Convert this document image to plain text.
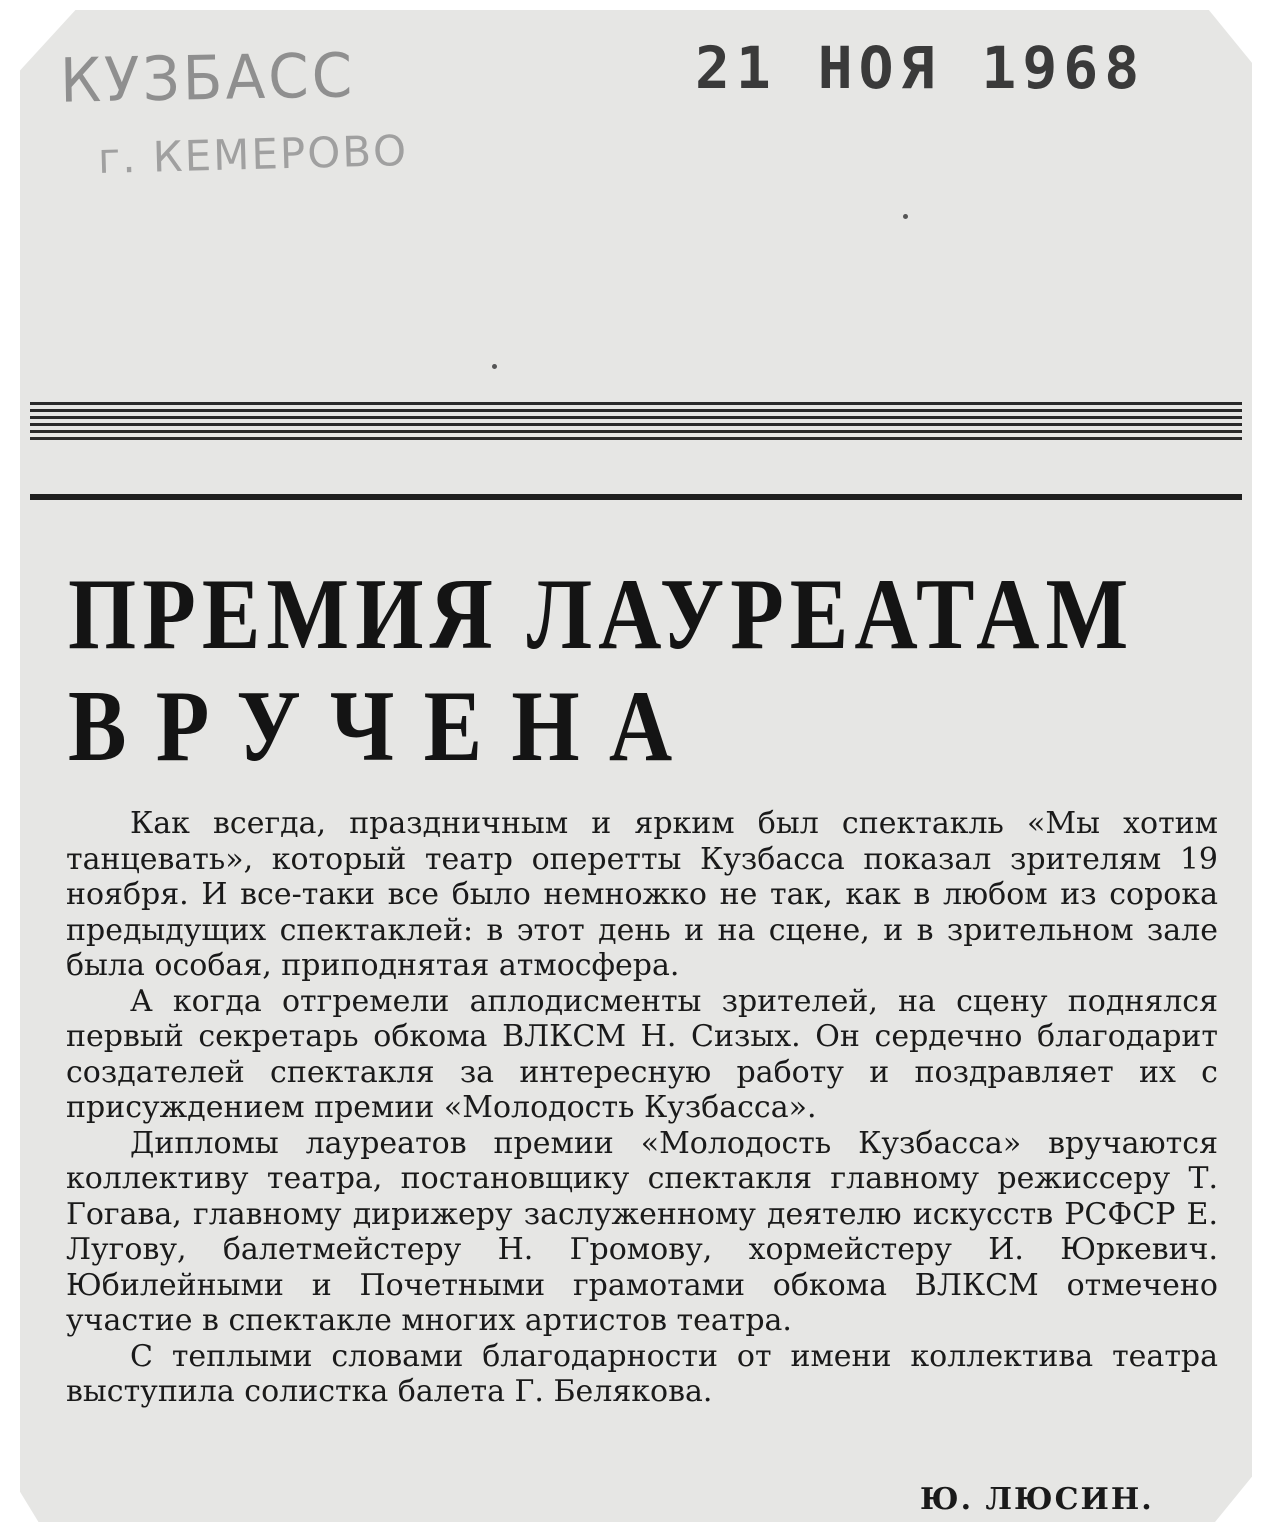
КУЗБАСС
г. КЕМЕРОВО
21 НОЯ 1968
ПРЕМИЯ ЛАУРЕАТАМ
ВРУЧЕНА

Как всегда, праздничным и ярким был спектакль «Мы хотим танцевать», который театр оперетты Кузбасса показал зрителям 19 ноября. И все-таки все было немножко не так, как в любом из сорока предыдущих спектаклей: в этот день и на сцене, и в зрительном зале была особая, приподнятая атмосфера.

А когда отгремели аплодисменты зрителей, на сцену поднялся первый секретарь обкома ВЛКСМ Н. Сизых. Он сердечно благодарит создателей спектакля за интересную работу и поздравляет их с присуждением премии «Молодость Кузбасса».

Дипломы лауреатов премии «Молодость Кузбасса» вручаются коллективу театра, постановщику спектакля главному режиссеру Т. Гогава, главному дирижеру заслуженному деятелю искусств РСФСР Е. Лугову, балетмейстеру Н. Громову, хормейстеру И. Юркевич. Юбилейными и Почетными грамотами обкома ВЛКСМ отмечено участие в спектакле многих артистов театра.

С теплыми словами благодарности от имени коллектива театра выступила солистка балета Г. Белякова.

Ю. ЛЮСИН.
